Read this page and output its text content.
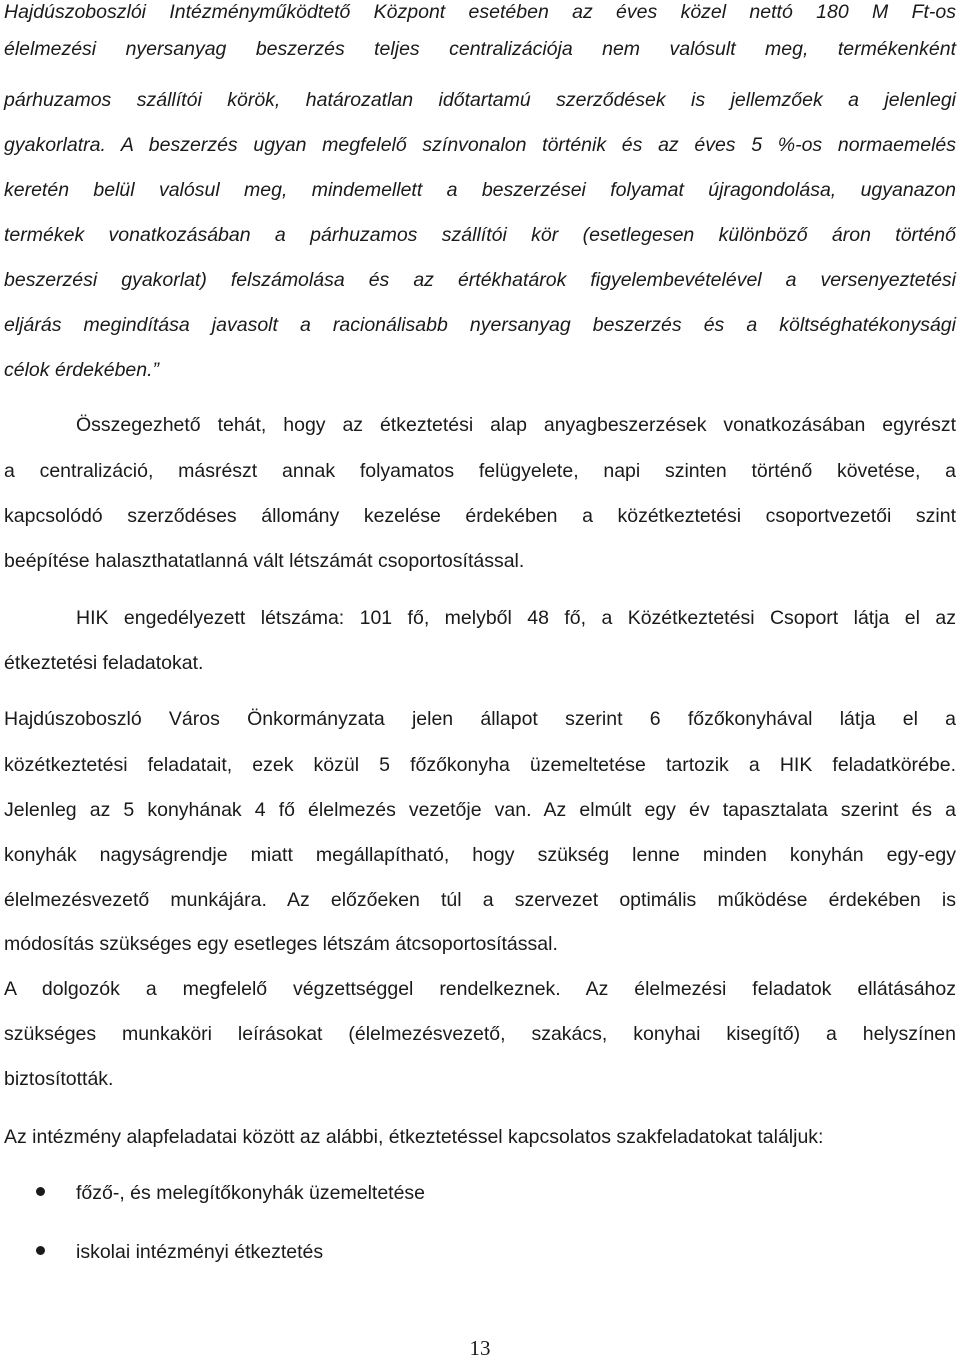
Hajdúszoboszlói Intézményműködtető Központ esetében az éves közel nettó 180 M Ft-os
élelmezési nyersanyag beszerzés teljes centralizációja nem valósult meg, termékenként
párhuzamos szállítói körök, határozatlan időtartamú szerződések is jellemzőek a jelenlegi
gyakorlatra. A beszerzés ugyan megfelelő színvonalon történik és az éves 5 %-os normaemelés
keretén belül valósul meg, mindemellett a beszerzései folyamat újragondolása, ugyanazon
termékek vonatkozásában a párhuzamos szállítói kör (esetlegesen különböző áron történő
beszerzési gyakorlat) felszámolása és az értékhatárok figyelembevételével a versenyeztetési
eljárás megindítása javasolt a racionálisabb nyersanyag beszerzés és a költséghatékonysági
célok érdekében.”
Összegezhető tehát, hogy az étkeztetési alap anyagbeszerzések vonatkozásában egyrészt
a centralizáció, másrészt annak folyamatos felügyelete, napi szinten történő követése, a
kapcsolódó szerződéses állomány kezelése érdekében a közétkeztetési csoportvezetői szint
beépítése halaszthatatlanná vált létszámát csoportosítással.
HIK engedélyezett létszáma: 101 fő, melyből 48 fő, a Közétkeztetési Csoport látja el az
étkeztetési feladatokat.
Hajdúszoboszló Város Önkormányzata jelen állapot szerint 6 főzőkonyhával látja el a
közétkeztetési feladatait, ezek közül 5 főzőkonyha üzemeltetése tartozik a HIK feladatkörébe.
Jelenleg az 5 konyhának 4 fő élelmezés vezetője van. Az elmúlt egy év tapasztalata szerint és a
konyhák nagyságrendje miatt megállapítható, hogy szükség lenne minden konyhán egy-egy
élelmezésvezető munkájára. Az előzőeken túl a szervezet optimális működése érdekében is
módosítás szükséges egy esetleges létszám átcsoportosítással.
A dolgozók a megfelelő végzettséggel rendelkeznek. Az élelmezési feladatok ellátásához
szükséges munkaköri leírásokat (élelmezésvezető, szakács, konyhai kisegítő) a helyszínen
biztosították.
Az intézmény alapfeladatai között az alábbi, étkeztetéssel kapcsolatos szakfeladatokat találjuk:
főző-, és melegítőkonyhák üzemeltetése
iskolai intézményi étkeztetés
13
